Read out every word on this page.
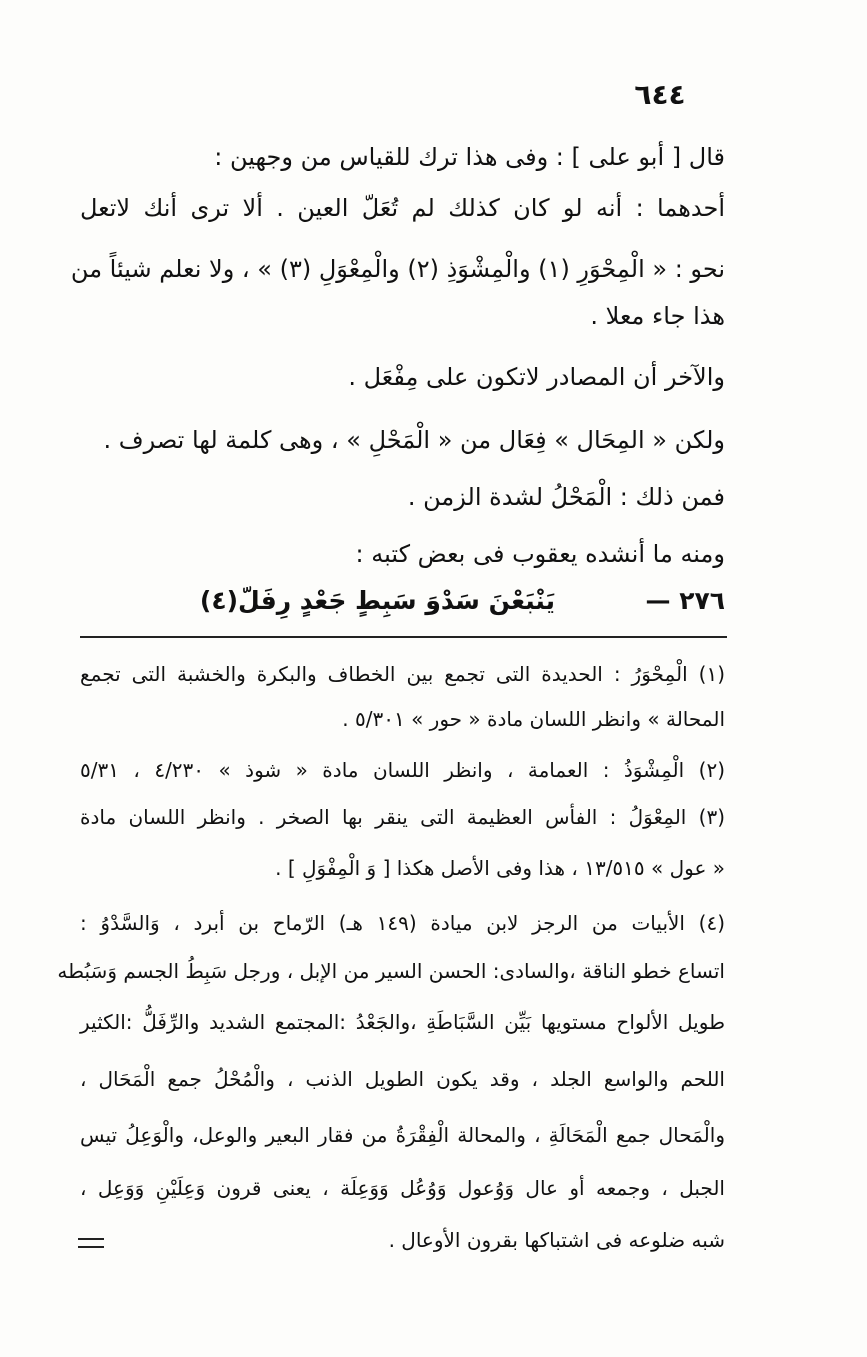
٦٤٤
قال [ أبو على ] : وفى هذا ترك للقياس من وجهين :
أحدهما : أنه لو كان كذلك لم تُعَلّ العين . ألا ترى أنك لاتعل
نحو : « الْمِحْوَرِ (١) والْمِشْوَذِ (٢) والْمِعْوَلِ (٣) » ، ولا نعلم شيئاً من
هذا جاء معلا .
والآخر أن المصادر لاتكون على مِفْعَل .
ولكن « المِحَال » فِعَال من « الْمَحْلِ » ، وهى كلمة لها تصرف .
فمن ذلك : الْمَحْلُ لشدة الزمن .
ومنه ما أنشده يعقوب فى بعض كتبه :
٢٧٦ —
يَنْبَعْنَ سَدْوَ سَبِطٍ جَعْدٍ رِفَلّ(٤)
(١) الْمِحْوَرُ : الحديدة التى تجمع بين الخطاف والبكرة والخشبة التى تجمع
المحالة » وانظر اللسان مادة « حور » ٥/٣٠١ .
(٢) الْمِشْوَذُ : العمامة ، وانظر اللسان مادة « شوذ » ٤/٢٣٠ ، ٥/٣١
(٣) المِعْوَلُ : الفأس العظيمة التى ينقر بها الصخر . وانظر اللسان مادة
« عول » ١٣/٥١٥ ، هذا وفى الأصل هكذا [ وَ الْمِفْوَلِ ] .
(٤) الأبيات من الرجز لابن ميادة (١٤٩ هـ) الرّماح بن أبرد ، وَالسَّدْوُ :
اتساع خطو الناقة ،والسادى: الحسن السير من الإبل ، ورجل سَبِطُ الجسم وَسَبُطه
طويل الألواح مستويها بَيِّن السَّبَاطَةِ ،والجَعْدُ :المجتمع الشديد والرِّفَلُّ :الكثير
اللحم والواسع الجلد ، وقد يكون الطويل الذنب ، والْمُحْلُ جمع الْمَحَال ،
والْمَحال جمع الْمَحَالَةِ ، والمحالة الْفِقْرَةُ من فقار البعير والوعل، والْوَعِلُ تيس
الجبل ، وجمعه أو عال وَوُعول وَوُعُل وَوَعِلَة ، يعنى قرون وَعِلَيْنِ وَوَعِل ،
شبه ضلوعه فى اشتباكها بقرون الأوعال .
